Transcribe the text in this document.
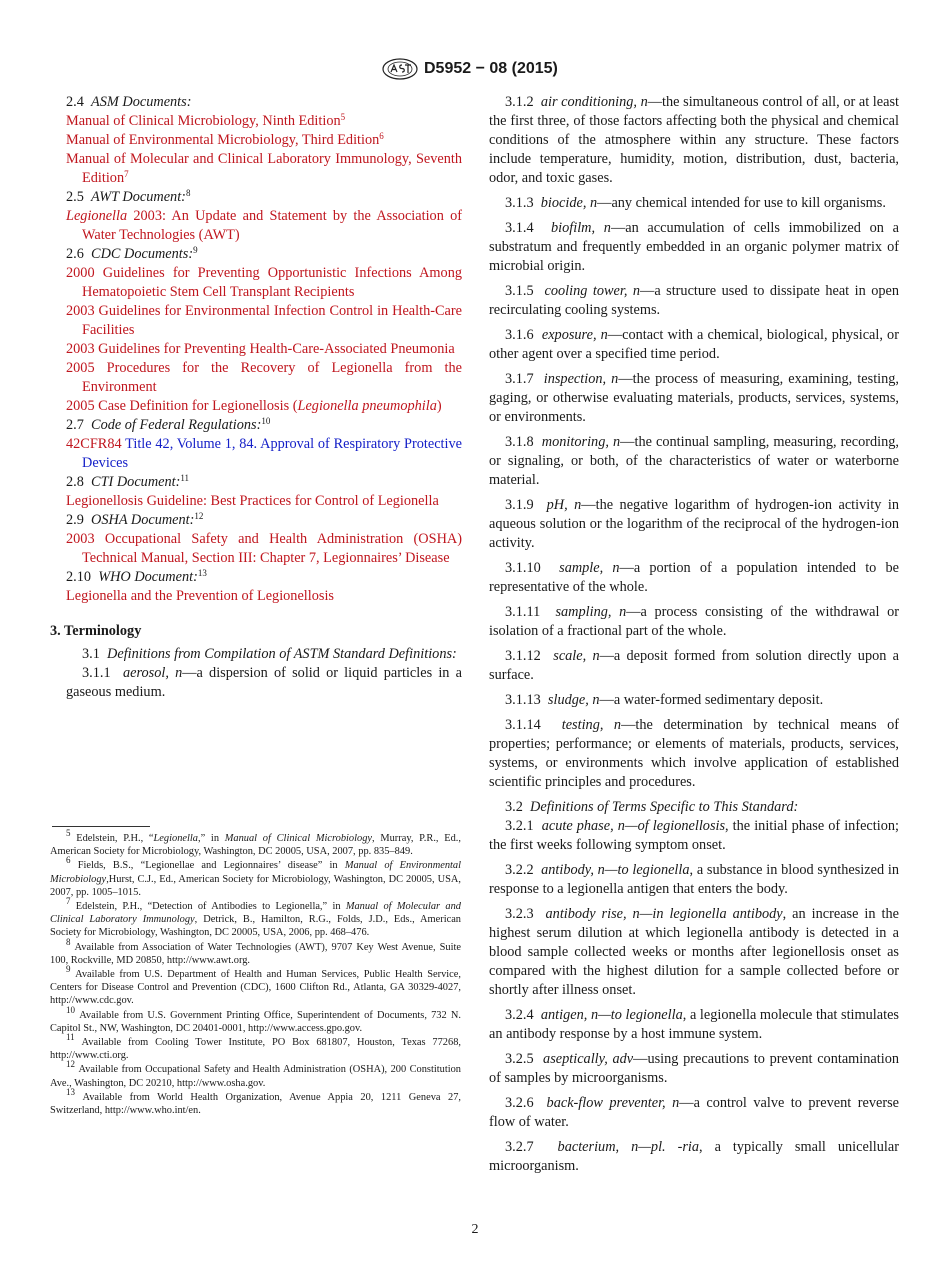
D5952 − 08 (2015)

2.4 ASM Documents:

Manual of Clinical Microbiology, Ninth Edition$^5$

Manual of Environmental Microbiology, Third Edition$^6$

Manual of Molecular and Clinical Laboratory Immunology, Seventh Edition$^7$

2.5 AWT Document:$^8$

Legionella 2003: An Update and Statement by the Association of Water Technologies (AWT)

2.6 CDC Documents:$^9$

2000 Guidelines for Preventing Opportunistic Infections Among Hematopoietic Stem Cell Transplant Recipients

2003 Guidelines for Environmental Infection Control in Health-Care Facilities

2003 Guidelines for Preventing Health-Care-Associated Pneumonia

2005 Procedures for the Recovery of Legionella from the Environment

2005 Case Definition for Legionellosis (Legionella pneumophila)

2.7 Code of Federal Regulations:$^{10}$

42CFR84 Title 42, Volume 1, 84. Approval of Respiratory Protective Devices

2.8 CTI Document:$^{11}$

Legionellosis Guideline: Best Practices for Control of Legionella

2.9 OSHA Document:$^{12}$

2003 Occupational Safety and Health Administration (OSHA) Technical Manual, Section III: Chapter 7, Legionnaires’ Disease

2.10 WHO Document:$^{13}$

Legionella and the Prevention of Legionellosis

3. Terminology

3.1 Definitions from Compilation of ASTM Standard Definitions:

3.1.1 aerosol, n—a dispersion of solid or liquid particles in a gaseous medium.

3.1.2 air conditioning, n—the simultaneous control of all, or at least the first three, of those factors affecting both the physical and chemical conditions of the atmosphere within any structure. These factors include temperature, humidity, motion, distribution, dust, bacteria, odor, and toxic gases.

3.1.3 biocide, n—any chemical intended for use to kill organisms.

3.1.4 biofilm, n—an accumulation of cells immobilized on a substratum and frequently embedded in an organic polymer matrix of microbial origin.

3.1.5 cooling tower, n—a structure used to dissipate heat in open recirculating cooling systems.

3.1.6 exposure, n—contact with a chemical, biological, physical, or other agent over a specified time period.

3.1.7 inspection, n—the process of measuring, examining, testing, gaging, or otherwise evaluating materials, products, services, systems, or environments.

3.1.8 monitoring, n—the continual sampling, measuring, recording, or signaling, or both, of the characteristics of water or waterborne material.

3.1.9 pH, n—the negative logarithm of hydrogen-ion activity in aqueous solution or the logarithm of the reciprocal of the hydrogen-ion activity.

3.1.10 sample, n—a portion of a population intended to be representative of the whole.

3.1.11 sampling, n—a process consisting of the withdrawal or isolation of a fractional part of the whole.

3.1.12 scale, n—a deposit formed from solution directly upon a surface.

3.1.13 sludge, n—a water-formed sedimentary deposit.

3.1.14 testing, n—the determination by technical means of properties; performance; or elements of materials, products, services, systems, or environments which involve application of established scientific principles and procedures.

3.2 Definitions of Terms Specific to This Standard:

3.2.1 acute phase, n—of legionellosis, the initial phase of infection; the first weeks following symptom onset.

3.2.2 antibody, n—to legionella, a substance in blood synthesized in response to a legionella antigen that enters the body.

3.2.3 antibody rise, n—in legionella antibody, an increase in the highest serum dilution at which legionella antibody is detected in a blood sample collected weeks or months after legionellosis onset as compared with the highest dilution for a sample collected before or shortly after illness onset.

3.2.4 antigen, n—to legionella, a legionella molecule that stimulates an antibody response by a host immune system.

3.2.5 aseptically, adv—using precautions to prevent contamination of samples by microorganisms.

3.2.6 back-flow preventer, n—a control valve to prevent reverse flow of water.

3.2.7 bacterium, n—pl. -ria, a typically small unicellular microorganism.

$^5$ Edelstein, P.H., “Legionella,” in Manual of Clinical Microbiology, Murray, P.R., Ed., American Society for Microbiology, Washington, DC 20005, USA, 2007, pp. 835–849.

$^6$ Fields, B.S., “Legionellae and Legionnaires’ disease” in Manual of Environmental Microbiology,Hurst, C.J., Ed., American Society for Microbiology, Washington, DC 20005, USA, 2007, pp. 1005–1015.

$^7$ Edelstein, P.H., “Detection of Antibodies to Legionella,” in Manual of Molecular and Clinical Laboratory Immunology, Detrick, B., Hamilton, R.G., Folds, J.D., Eds., American Society for Microbiology, Washington, DC 20005, USA, 2006, pp. 468–476.

$^8$ Available from Association of Water Technologies (AWT), 9707 Key West Avenue, Suite 100, Rockville, MD 20850, http://www.awt.org.

$^9$ Available from U.S. Department of Health and Human Services, Public Health Service, Centers for Disease Control and Prevention (CDC), 1600 Clifton Rd., Atlanta, GA 30329-4027, http://www.cdc.gov.

$^{10}$ Available from U.S. Government Printing Office, Superintendent of Documents, 732 N. Capitol St., NW, Washington, DC 20401-0001, http://www.access.gpo.gov.

$^{11}$ Available from Cooling Tower Institute, PO Box 681807, Houston, Texas 77268, http://www.cti.org.

$^{12}$ Available from Occupational Safety and Health Administration (OSHA), 200 Constitution Ave., Washington, DC 20210, http://www.osha.gov.

$^{13}$ Available from World Health Organization, Avenue Appia 20, 1211 Geneva 27, Switzerland, http://www.who.int/en.

2
